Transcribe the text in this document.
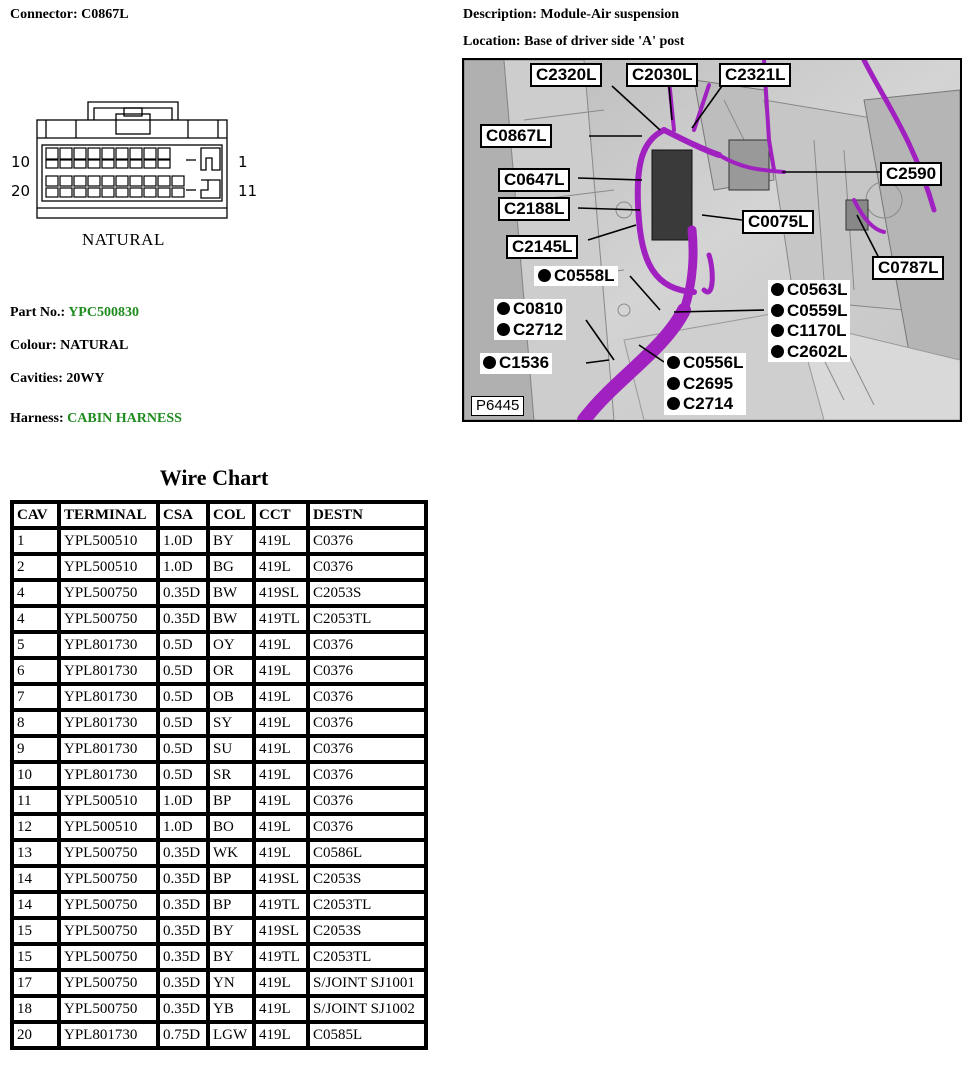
Connector: C0867L	Description: Module-Air suspension
Location: Base of driver side 'A' post
10	1
20	11
NATURAL
Part No.: YPC500830
Colour: NATURAL
Cavities: 20WY
Harness: CABIN HARNESS
C2320L	C2030L	C2321L
C0867L
C0647L
C2188L
C2145L
C0075L
C2590
C0787L
C0558L
C0810
C2712
C1536
C0563L
C0559L
C1170L
C2602L
C0556L
C2695
C2714
P6445
Wire Chart
CAV	TERMINAL	CSA	COL	CCT	DESTN
1	YPL500510	1.0D	BY	419L	C0376
2	YPL500510	1.0D	BG	419L	C0376
4	YPL500750	0.35D	BW	419SL	C2053S
4	YPL500750	0.35D	BW	419TL	C2053TL
5	YPL801730	0.5D	OY	419L	C0376
6	YPL801730	0.5D	OR	419L	C0376
7	YPL801730	0.5D	OB	419L	C0376
8	YPL801730	0.5D	SY	419L	C0376
9	YPL801730	0.5D	SU	419L	C0376
10	YPL801730	0.5D	SR	419L	C0376
11	YPL500510	1.0D	BP	419L	C0376
12	YPL500510	1.0D	BO	419L	C0376
13	YPL500750	0.35D	WK	419L	C0586L
14	YPL500750	0.35D	BP	419SL	C2053S
14	YPL500750	0.35D	BP	419TL	C2053TL
15	YPL500750	0.35D	BY	419SL	C2053S
15	YPL500750	0.35D	BY	419TL	C2053TL
17	YPL500750	0.35D	YN	419L	S/JOINT SJ1001
18	YPL500750	0.35D	YB	419L	S/JOINT SJ1002
20	YPL801730	0.75D	LGW	419L	C0585L
